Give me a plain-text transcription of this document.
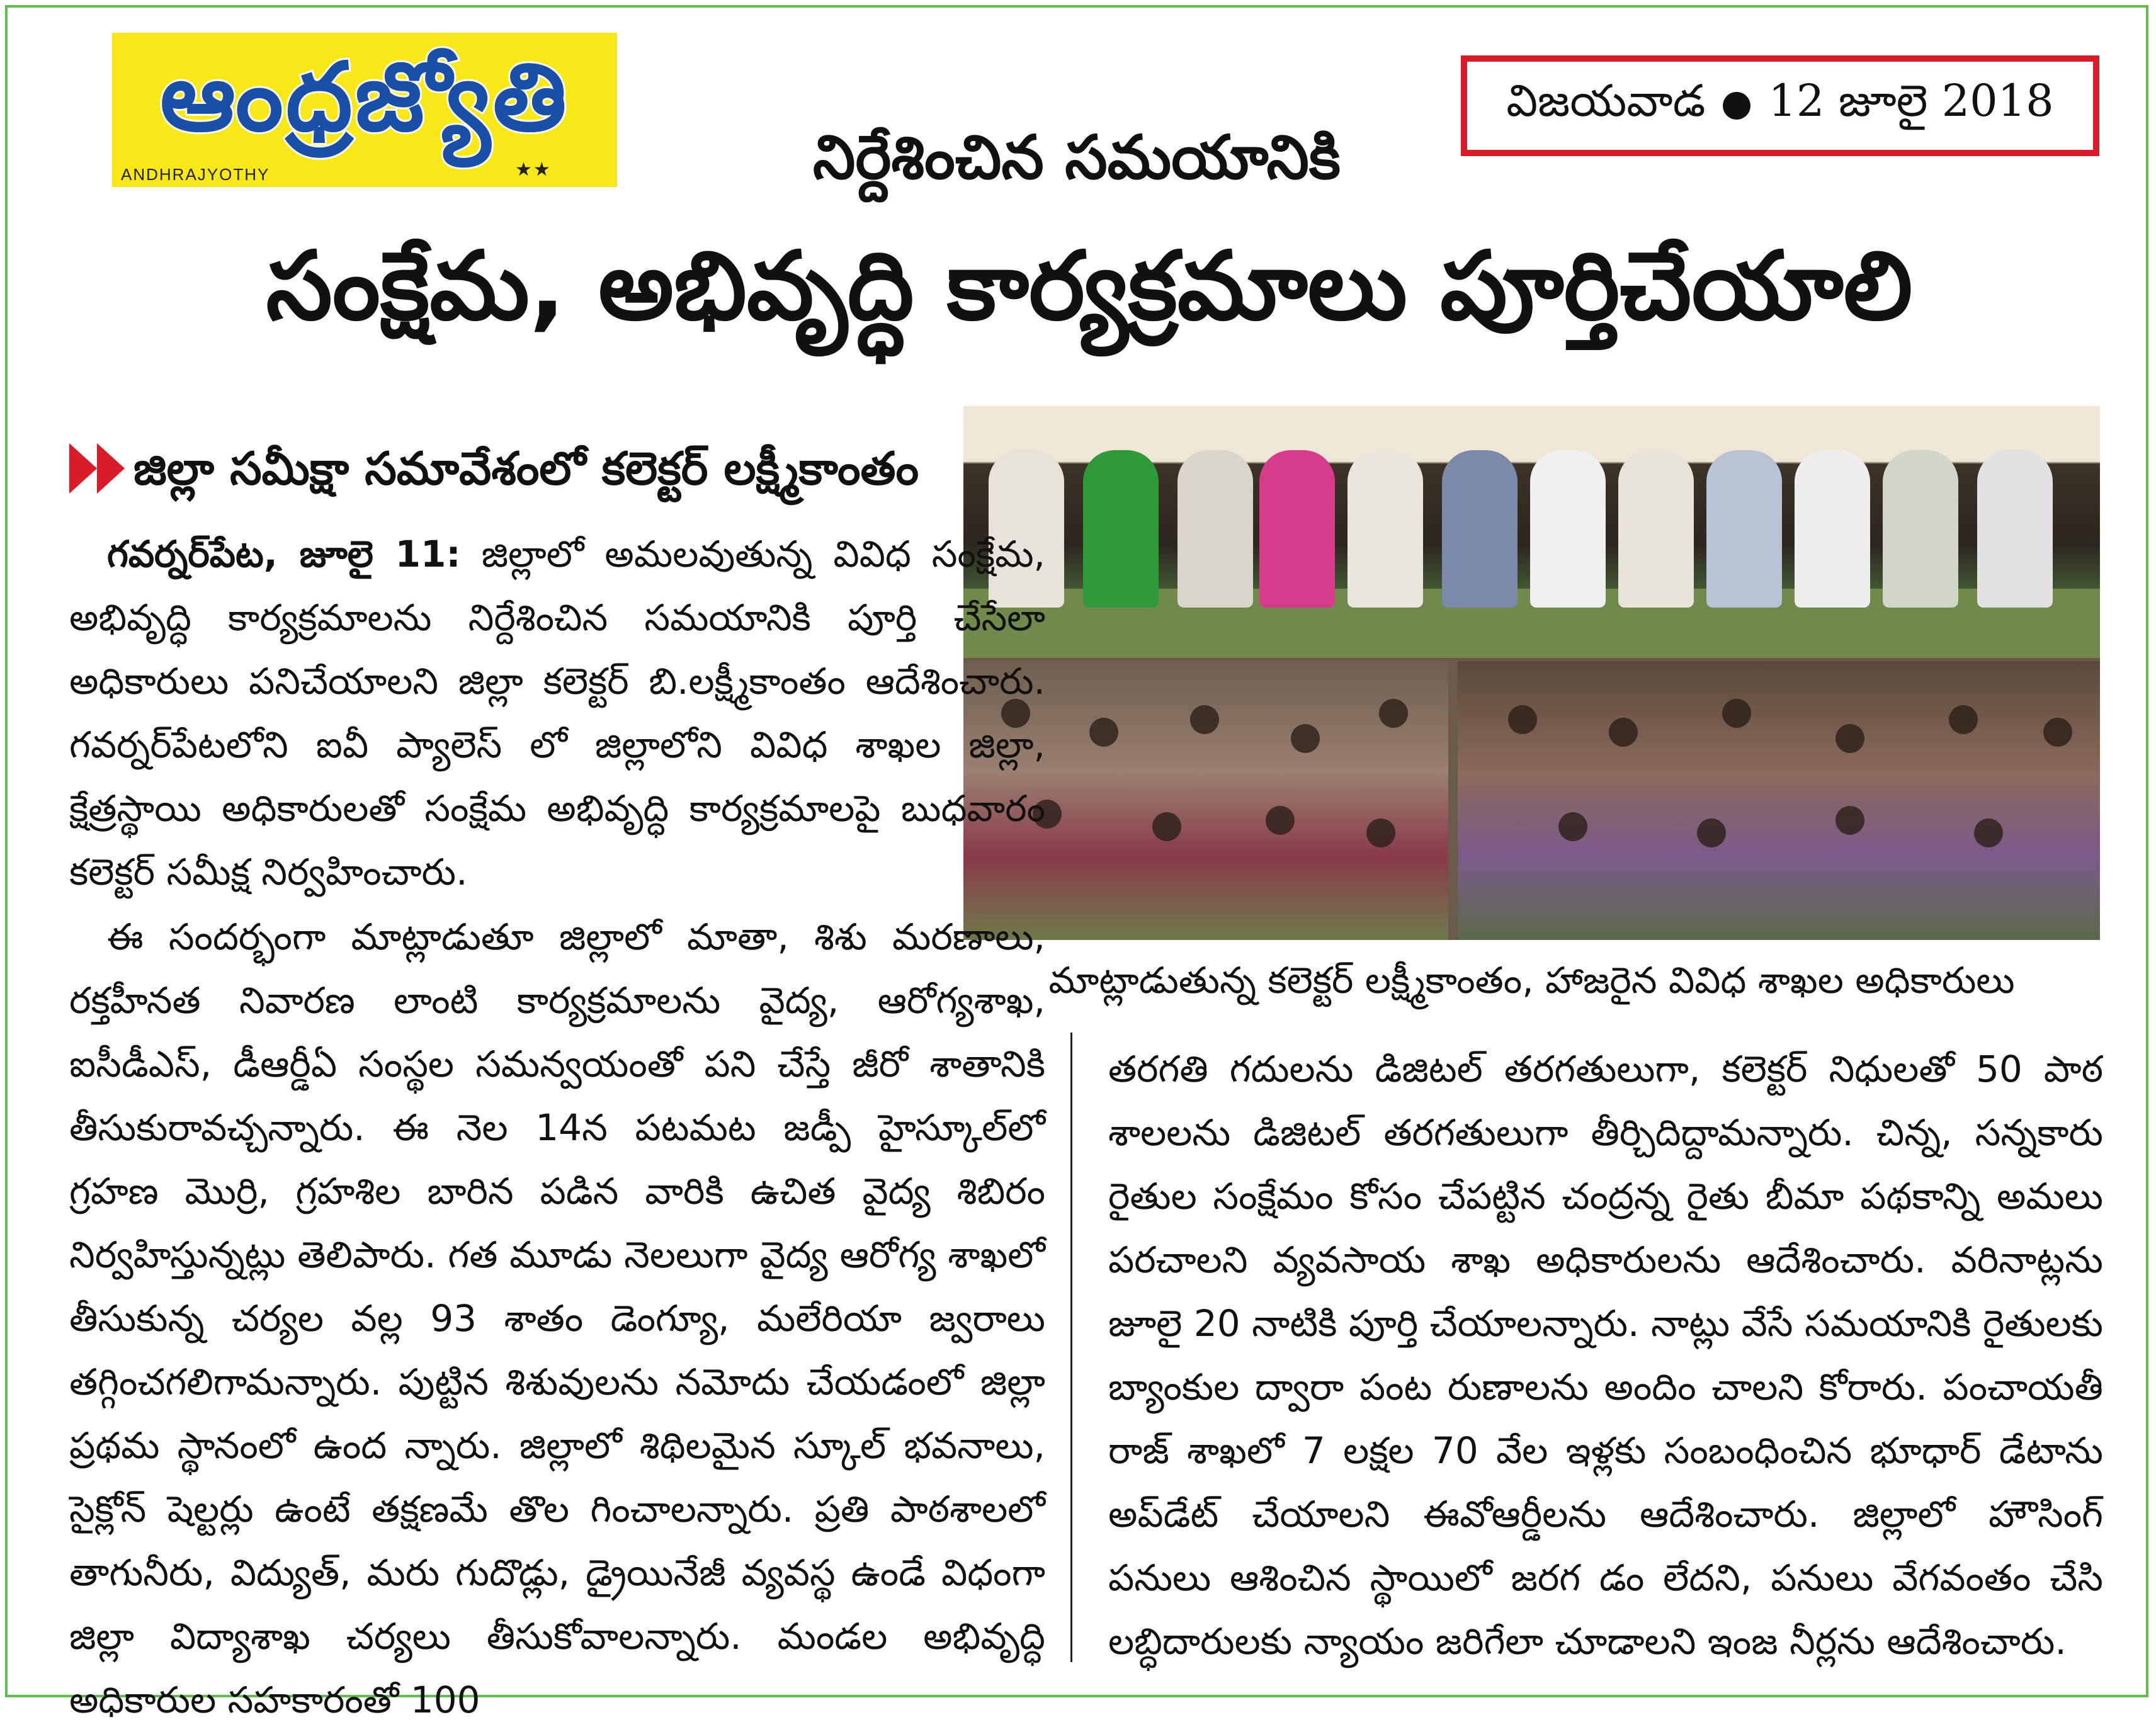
ఆంధ్రజ్యోతి
ANDHRAJYOTHY	★★
విజయవాడ 12 జూలై 2018
నిర్దేశించిన సమయానికి
సంక్షేమ, అభివృద్ధి కార్యక్రమాలు పూర్తిచేయాలి
జిల్లా సమీక్షా సమావేశంలో కలెక్టర్ లక్ష్మీకాంతం
మాట్లాడుతున్న కలెక్టర్ లక్ష్మీకాంతం, హాజరైన వివిధ శాఖల అధికారులు

గవర్నర్‌పేట, జూలై 11: జిల్లాలో అమలవుతున్న వివిధ సంక్షేమ, అభివృద్ధి కార్యక్రమాలను నిర్దేశించిన సమయానికి పూర్తి చేసేలా అధికారులు పనిచేయాలని జిల్లా కలెక్టర్ బి.లక్ష్మీకాంతం ఆదేశించారు. గవర్నర్‌పేటలోని ఐవీ ప్యాలెస్ లో జిల్లాలోని వివిధ శాఖల జిల్లా, క్షేత్రస్థాయి అధికారులతో సంక్షేమ అభివృద్ధి కార్యక్రమాలపై బుధవారం కలెక్టర్ సమీక్ష నిర్వహించారు.

ఈ సందర్భంగా మాట్లాడుతూ జిల్లాలో మాతా, శిశు మరణాలు, రక్తహీనత నివారణ లాంటి కార్యక్రమాలను వైద్య, ఆరోగ్యశాఖ, ఐసీడీఎస్, డీఆర్డీఏ సంస్థల సమన్వయంతో పని చేస్తే జీరో శాతానికి తీసుకురావచ్చన్నారు. ఈ నెల 14న పటమట జడ్పీ హైస్కూల్‌లో గ్రహణ మొర్రి, గ్రహశిల బారిన పడిన వారికి ఉచిత వైద్య శిబిరం నిర్వహిస్తున్నట్లు తెలిపారు. గత మూడు నెలలుగా వైద్య ఆరోగ్య శాఖలో తీసుకున్న చర్యల వల్ల 93 శాతం డెంగ్యూ, మలేరియా జ్వరాలు తగ్గించగలిగామన్నారు. పుట్టిన శిశువులను నమోదు చేయడంలో జిల్లా ప్రథమ స్థానంలో ఉంద న్నారు. జిల్లాలో శిథిలమైన స్కూల్ భవనాలు, సైక్లోన్ షెల్టర్లు ఉంటే తక్షణమే తొల గించాలన్నారు. ప్రతి పాఠశాలలో తాగునీరు, విద్యుత్, మరు గుదొడ్లు, డ్రైయినేజీ వ్యవస్థ ఉండే విధంగా జిల్లా విద్యాశాఖ చర్యలు తీసుకోవాలన్నారు. మండల అభివృద్ధి అధికారుల సహకారంతో 100

తరగతి గదులను డిజిటల్ తరగతులుగా, కలెక్టర్ నిధులతో 50 పాఠ శాలలను డిజిటల్ తరగతులుగా తీర్చిదిద్దామన్నారు. చిన్న, సన్నకారు రైతుల సంక్షేమం కోసం చేపట్టిన చంద్రన్న రైతు బీమా పథకాన్ని అమలు పరచాలని వ్యవసాయ శాఖ అధికారులను ఆదేశించారు. వరినాట్లను జూలై 20 నాటికి పూర్తి చేయాలన్నారు. నాట్లు వేసే సమయానికి రైతులకు బ్యాంకుల ద్వారా పంట రుణాలను అందిం చాలని కోరారు. పంచాయతీ రాజ్ శాఖలో 7 లక్షల 70 వేల ఇళ్లకు సంబంధించిన భూధార్ డేటాను అప్‌డేట్ చేయాలని ఈవోఆర్డీలను ఆదేశించారు. జిల్లాలో హౌసింగ్ పనులు ఆశించిన స్థాయిలో జరగ డం లేదని, పనులు వేగవంతం చేసి లబ్ధిదారులకు న్యాయం జరిగేలా చూడాలని ఇంజ నీర్లను ఆదేశించారు.
